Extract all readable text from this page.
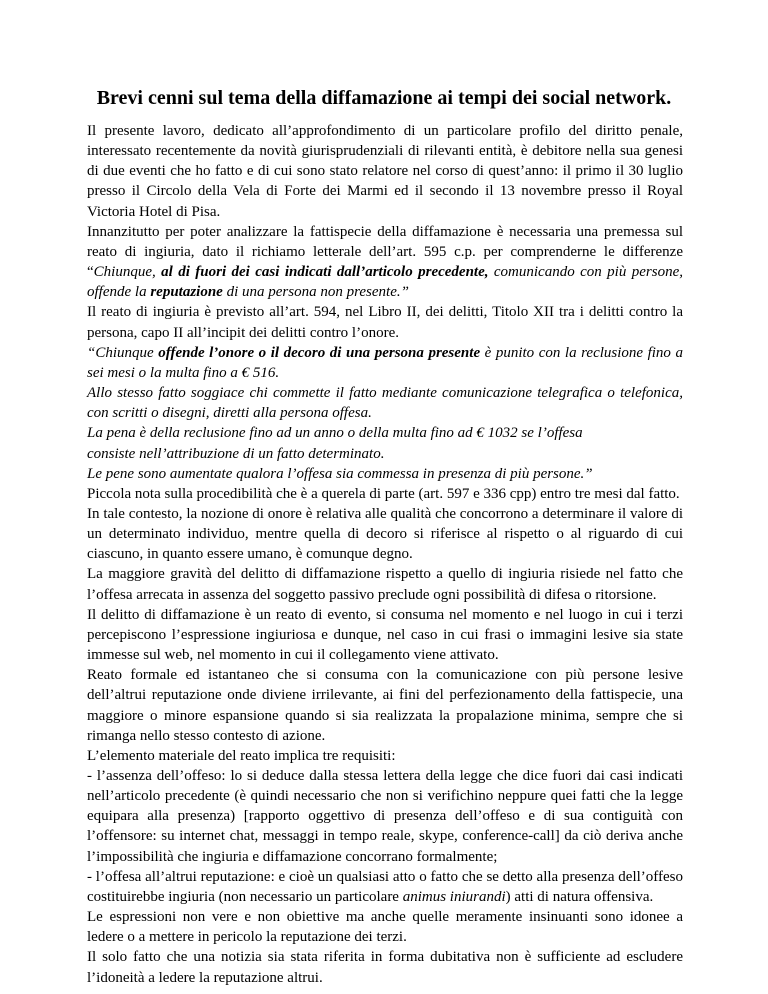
Brevi cenni sul tema della diffamazione ai tempi dei social network.

Il presente lavoro, dedicato all’approfondimento di un particolare profilo del diritto penale, interessato recentemente da novità giurisprudenziali di rilevanti entità, è debitore nella sua genesi di due eventi che ho fatto e di cui sono stato relatore nel corso di quest’anno: il primo il 30 luglio presso il Circolo della Vela di Forte dei Marmi ed il secondo il 13 novembre presso il Royal Victoria Hotel di Pisa.

Innanzitutto per poter analizzare la fattispecie della diffamazione è necessaria una premessa sul reato di ingiuria, dato il richiamo letterale dell’art. 595 c.p. per comprenderne le differenze “Chiunque, al di fuori dei casi indicati dall’articolo precedente, comunicando con più persone, offende la reputazione di una persona non presente.”

Il reato di ingiuria è previsto all’art. 594, nel Libro II, dei delitti, Titolo XII tra i delitti contro la persona, capo II all’incipit dei delitti contro l’onore.

“Chiunque offende l’onore o il decoro di una persona presente è punito con la reclusione fino a sei mesi o la multa fino a € 516.

Allo stesso fatto soggiace chi commette il fatto mediante comunicazione telegrafica o telefonica, con scritti o disegni, diretti alla persona offesa.

La pena è della reclusione fino ad un anno o della multa fino ad € 1032 se l’offesa

consiste nell’attribuzione di un fatto determinato.

Le pene sono aumentate qualora l’offesa sia commessa in presenza di più persone.”

Piccola nota sulla procedibilità che è a querela di parte (art. 597 e 336 cpp) entro tre mesi dal fatto.

In tale contesto, la nozione di onore è relativa alle qualità che concorrono a determinare il valore di un determinato individuo, mentre quella di decoro si riferisce al rispetto o al riguardo di cui ciascuno, in quanto essere umano, è comunque degno.

La maggiore gravità del delitto di diffamazione rispetto a quello di ingiuria risiede nel fatto che l’offesa arrecata in assenza del soggetto passivo preclude ogni possibilità di difesa o ritorsione.

Il delitto di diffamazione è un reato di evento, si consuma nel momento e nel luogo in cui i terzi percepiscono l’espressione ingiuriosa e dunque, nel caso in cui frasi o immagini lesive sia state immesse sul web, nel momento in cui il collegamento viene attivato.

Reato formale ed istantaneo che si consuma con la comunicazione con più persone lesive dell’altrui reputazione onde diviene irrilevante, ai fini del perfezionamento della fattispecie, una maggiore o minore espansione quando si sia realizzata la propalazione minima, sempre che si rimanga nello stesso contesto di azione.

L’elemento materiale del reato implica tre requisiti:

- l’assenza dell’offeso: lo si deduce dalla stessa lettera della legge che dice fuori dai casi indicati nell’articolo precedente (è quindi necessario che non si verifichino neppure quei fatti che la legge equipara alla presenza) [rapporto oggettivo di presenza dell’offeso e di sua contiguità con l’offensore: su internet chat, messaggi in tempo reale, skype, conference-call] da ciò deriva anche l’impossibilità che ingiuria e diffamazione concorrano formalmente;

- l’offesa all’altrui reputazione: e cioè un qualsiasi atto o fatto che se detto alla presenza dell’offeso costituirebbe ingiuria (non necessario un particolare animus iniurandi) atti di natura offensiva.

Le espressioni non vere e non obiettive ma anche quelle meramente insinuanti sono idonee a ledere o a mettere in pericolo la reputazione dei terzi.

Il solo fatto che una notizia sia stata riferita in forma dubitativa non è sufficiente ad escludere l’idoneità a ledere la reputazione altrui.
